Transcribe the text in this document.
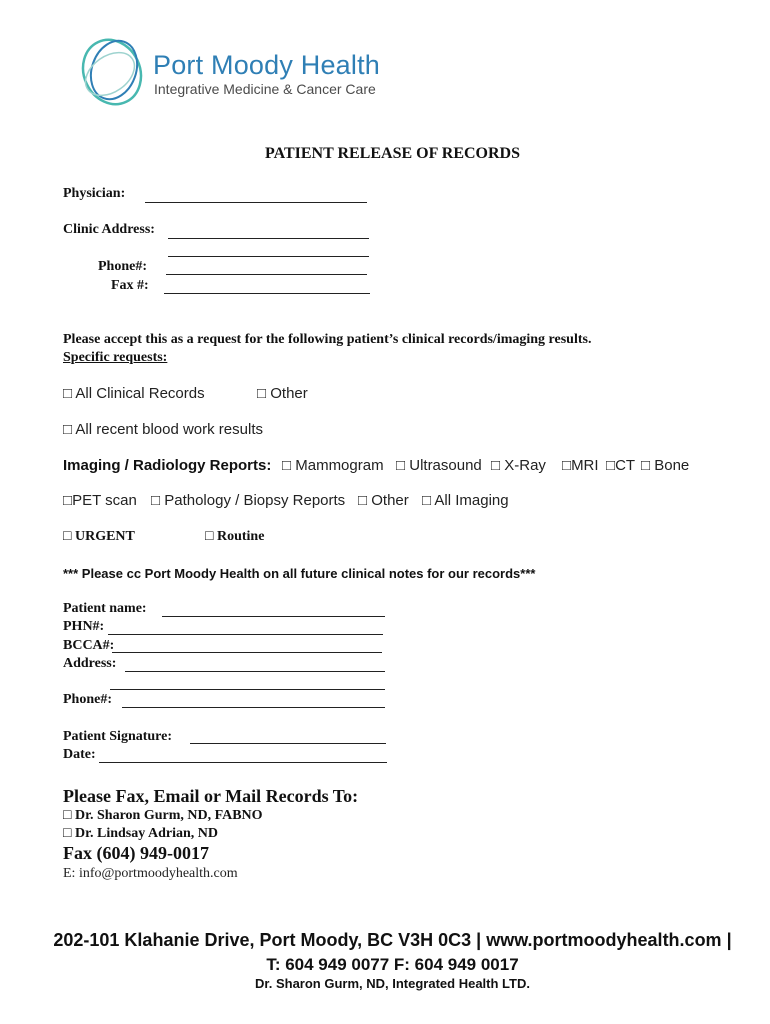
Port Moody Health
Integrative Medicine & Cancer Care
PATIENT RELEASE OF RECORDS
Physician:
Clinic Address:
Phone#:
Fax #:
Please accept this as a request for the following patient’s clinical records/imaging results.
Specific requests:
□ All Clinical Records	□ Other
□ All recent blood work results
Imaging / Radiology Reports: □ Mammogram □ Ultrasound □ X-Ray □MRI □CT □ Bone
□PET scan □ Pathology / Biopsy Reports □ Other □ All Imaging
□ URGENT	□ Routine
*** Please cc Port Moody Health on all future clinical notes for our records***
Patient name:
PHN#:
BCCA#:
Address:
Phone#:
Patient Signature:
Date:
Please Fax, Email or Mail Records To:
□ Dr. Sharon Gurm, ND, FABNO
□ Dr. Lindsay Adrian, ND
Fax (604) 949-0017
E: info@portmoodyhealth.com
202-101 Klahanie Drive, Port Moody, BC V3H 0C3 | www.portmoodyhealth.com |
T: 604 949 0077 F: 604 949 0017
Dr. Sharon Gurm, ND, Integrated Health LTD.
